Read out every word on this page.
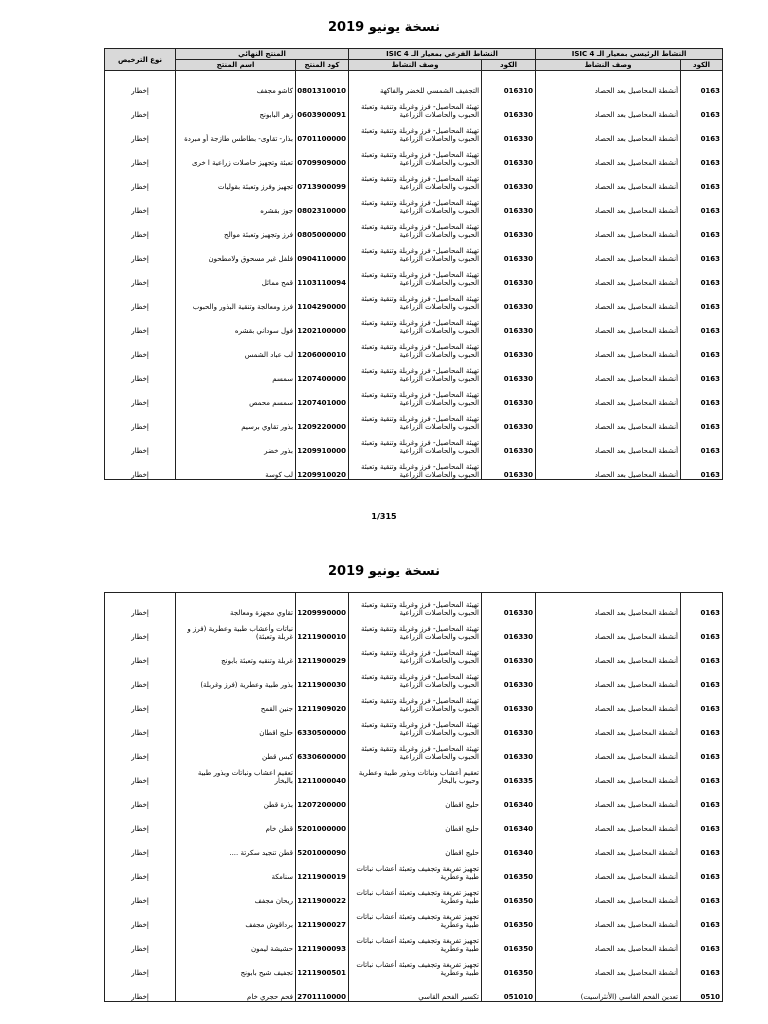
نسخة يونيو 2019
النشاط الرئيسي بمعيار الـ ISIC 4		النشاط الفرعي بمعيار الـ ISIC 4		المنتج النهائي		نوع الترخيص
الكود	وصف النشاط	الكود	وصف النشاط	كود المنتج	اسم المنتج	
0163	أنشطة المحاصيل بعد الحصاد	016310	التجفيف الشمسي للخضر والفاكهة	0801310010	كاشو مجفف	إخطار
0163	أنشطة المحاصيل بعد الحصاد	016330	تهيئة المحاصيل- فرز وغربلة وتنقية وتعبئة الحبوب والحاصلات الزراعية	0603900091	زهر البابونج	إخطار
0163	أنشطة المحاصيل بعد الحصاد	016330	تهيئة المحاصيل- فرز وغربلة وتنقية وتعبئة الحبوب والحاصلات الزراعية	0701100000	بذار- تقاوى- بطاطس طازجة أو مبردة	إخطار
0163	أنشطة المحاصيل بعد الحصاد	016330	تهيئة المحاصيل- فرز وغربلة وتنقية وتعبئة الحبوب والحاصلات الزراعية	0709909000	تعبئة وتجهيز حاصلات زراعية ا خرى	إخطار
0163	أنشطة المحاصيل بعد الحصاد	016330	تهيئة المحاصيل- فرز وغربلة وتنقية وتعبئة الحبوب والحاصلات الزراعية	0713900099	تجهيز وفرز وتعبئة بقوليات	إخطار
0163	أنشطة المحاصيل بعد الحصاد	016330	تهيئة المحاصيل- فرز وغربلة وتنقية وتعبئة الحبوب والحاصلات الزراعية	0802310000	جوز بقشره	إخطار
0163	أنشطة المحاصيل بعد الحصاد	016330	تهيئة المحاصيل- فرز وغربلة وتنقية وتعبئة الحبوب والحاصلات الزراعية	0805000000	فرز وتجهيز وتعبئة موالح	إخطار
0163	أنشطة المحاصيل بعد الحصاد	016330	تهيئة المحاصيل- فرز وغربلة وتنقية وتعبئة الحبوب والحاصلات الزراعية	0904110000	فلفل غير مسحوق ولامطحون	إخطار
0163	أنشطة المحاصيل بعد الحصاد	016330	تهيئة المحاصيل- فرز وغربلة وتنقية وتعبئة الحبوب والحاصلات الزراعية	1103110094	قمح مماثل	إخطار
0163	أنشطة المحاصيل بعد الحصاد	016330	تهيئة المحاصيل- فرز وغربلة وتنقية وتعبئة الحبوب والحاصلات الزراعية	1104290000	فرز ومعالجة وتنقية البذور والحبوب	إخطار
0163	أنشطة المحاصيل بعد الحصاد	016330	تهيئة المحاصيل- فرز وغربلة وتنقية وتعبئة الحبوب والحاصلات الزراعية	1202100000	فول سوداني بقشره	إخطار
0163	أنشطة المحاصيل بعد الحصاد	016330	تهيئة المحاصيل- فرز وغربلة وتنقية وتعبئة الحبوب والحاصلات الزراعية	1206000010	لب عباد الشمس	إخطار
0163	أنشطة المحاصيل بعد الحصاد	016330	تهيئة المحاصيل- فرز وغربلة وتنقية وتعبئة الحبوب والحاصلات الزراعية	1207400000	سمسم	إخطار
0163	أنشطة المحاصيل بعد الحصاد	016330	تهيئة المحاصيل- فرز وغربلة وتنقية وتعبئة الحبوب والحاصلات الزراعية	1207401000	سمسم محمص	إخطار
0163	أنشطة المحاصيل بعد الحصاد	016330	تهيئة المحاصيل- فرز وغربلة وتنقية وتعبئة الحبوب والحاصلات الزراعية	1209220000	بذور تقاوي برسيم	إخطار
0163	أنشطة المحاصيل بعد الحصاد	016330	تهيئة المحاصيل- فرز وغربلة وتنقية وتعبئة الحبوب والحاصلات الزراعية	1209910000	بذور خضر	إخطار
0163	أنشطة المحاصيل بعد الحصاد	016330	تهيئة المحاصيل- فرز وغربلة وتنقية وتعبئة الحبوب والحاصلات الزراعية	1209910020	لب كوسة	إخطار
1/315
نسخة يونيو 2019
0163	أنشطة المحاصيل بعد الحصاد	016330	تهيئة المحاصيل- فرز وغربلة وتنقية وتعبئة الحبوب والحاصلات الزراعية	1209990000	تقاوي مجهزة ومعالجة	إخطار
0163	أنشطة المحاصيل بعد الحصاد	016330	تهيئة المحاصيل- فرز وغربلة وتنقية وتعبئة الحبوب والحاصلات الزراعية	1211900010	نباتات وأعشاب طبية وعطرية (فرز و غربلة وتعبئة)	إخطار
0163	أنشطة المحاصيل بعد الحصاد	016330	تهيئة المحاصيل- فرز وغربلة وتنقية وتعبئة الحبوب والحاصلات الزراعية	1211900029	غربلة وتنقيه وتعبئة بابونج	إخطار
0163	أنشطة المحاصيل بعد الحصاد	016330	تهيئة المحاصيل- فرز وغربلة وتنقية وتعبئة الحبوب والحاصلات الزراعية	1211900030	بذور طبية وعطرية (فرز وغربلة)	إخطار
0163	أنشطة المحاصيل بعد الحصاد	016330	تهيئة المحاصيل- فرز وغربلة وتنقية وتعبئة الحبوب والحاصلات الزراعية	1211909020	جنين القمح	إخطار
0163	أنشطة المحاصيل بعد الحصاد	016330	تهيئة المحاصيل- فرز وغربلة وتنقية وتعبئة الحبوب والحاصلات الزراعية	6330500000	حليج اقطان	إخطار
0163	أنشطة المحاصيل بعد الحصاد	016330	تهيئة المحاصيل- فرز وغربلة وتنقية وتعبئة الحبوب والحاصلات الزراعية	6330600000	كبس قطن	إخطار
0163	أنشطة المحاصيل بعد الحصاد	016335	تعقيم أعشاب ونباتات وبذور طبية وعطرية وحبوب بالبخار	1211000040	تعقيم اعشاب ونباتات وبذور طبية بالبخار	إخطار
0163	أنشطة المحاصيل بعد الحصاد	016340	حليج اقطان	1207200000	بذرة قطن	إخطار
0163	أنشطة المحاصيل بعد الحصاد	016340	حليج اقطان	5201000000	قطن خام	إخطار
0163	أنشطة المحاصيل بعد الحصاد	016340	حليج اقطان	5201000090	قطن تنجيد سكرتة ....	إخطار
0163	أنشطة المحاصيل بعد الحصاد	016350	تجهيز تفريغة وتجفيف وتعبئة أعشاب نباتات طبية وعطرية	1211900019	سنامكة	إخطار
0163	أنشطة المحاصيل بعد الحصاد	016350	تجهيز تفريغة وتجفيف وتعبئة أعشاب نباتات طبية وعطرية	1211900022	ريحان مجفف	إخطار
0163	أنشطة المحاصيل بعد الحصاد	016350	تجهيز تفريغة وتجفيف وتعبئة أعشاب نباتات طبية وعطرية	1211900027	برداقوش مجفف	إخطار
0163	أنشطة المحاصيل بعد الحصاد	016350	تجهيز تفريغة وتجفيف وتعبئة أعشاب نباتات طبية وعطرية	1211900093	حشيشة ليمون	إخطار
0163	أنشطة المحاصيل بعد الحصاد	016350	تجهيز تفريغة وتجفيف وتعبئة أعشاب نباتات طبية وعطرية	1211900501	تجفيف شيح بابونج	إخطار
0510	تعدين الفحم القاسي (الأنثراسيت)	051010	تكسير الفحم القاسي	2701110000	فحم حجري خام	إخطار
